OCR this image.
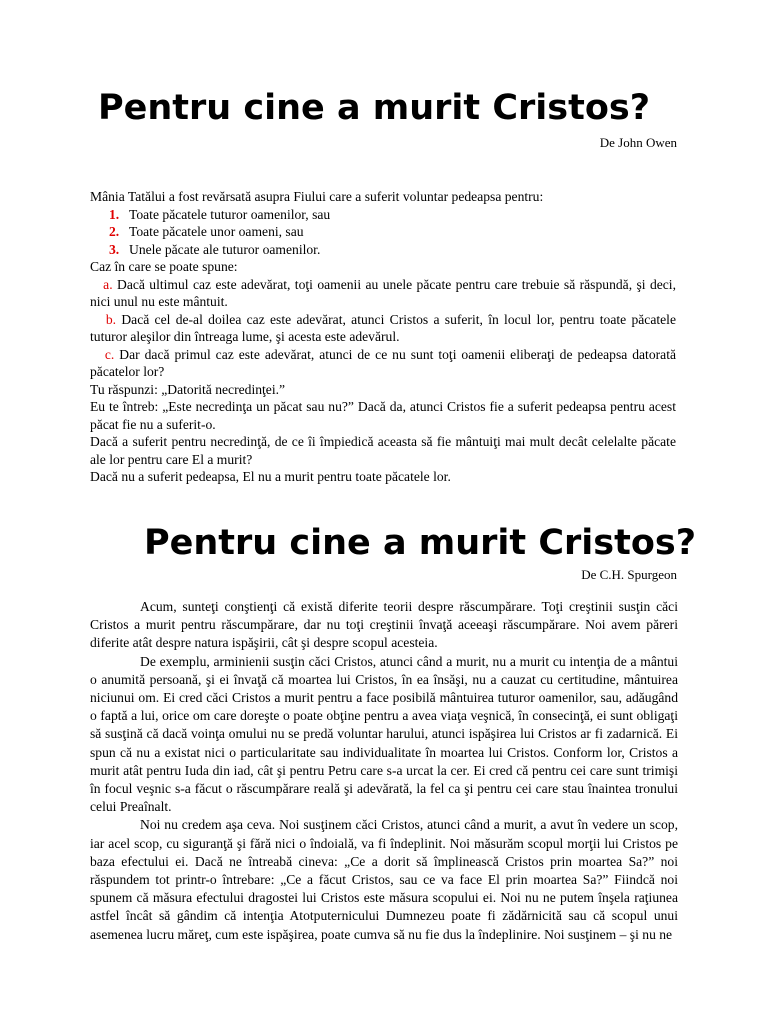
Pentru cine a murit Cristos?
De John Owen

Mânia Tatălui a fost revărsată asupra Fiului care a suferit voluntar pedeapsa pentru:

1. Toate păcatele tuturor oamenilor, sau
2. Toate păcatele unor oameni, sau
3. Unele păcate ale tuturor oamenilor.

Caz în care se poate spune:

a. Dacă ultimul caz este adevărat, toţi oamenii au unele păcate pentru care trebuie să răspundă, şi deci, nici unul nu este mântuit.
b. Dacă cel de-al doilea caz este adevărat, atunci Cristos a suferit, în locul lor, pentru toate păcatele tuturor aleşilor din întreaga lume, şi acesta este adevărul.
c. Dar dacă primul caz este adevărat, atunci de ce nu sunt toţi oamenii eliberaţi de pedeapsa datorată păcatelor lor?

Tu răspunzi: „Datorită necredinţei.”

Eu te întreb: „Este necredinţa un păcat sau nu?” Dacă da, atunci Cristos fie a suferit pedeapsa pentru acest păcat fie nu a suferit-o.

Dacă a suferit pentru necredinţă, de ce îi împiedică aceasta să fie mântuiţi mai mult decât celelalte păcate ale lor pentru care El a murit?

Dacă nu a suferit pedeapsa, El nu a murit pentru toate păcatele lor.

Pentru cine a murit Cristos?
De C.H. Spurgeon

Acum, sunteţi conştienţi că există diferite teorii despre răscumpărare. Toţi creştinii susţin căci Cristos a murit pentru răscumpărare, dar nu toţi creştinii învaţă aceeaşi răscumpărare. Noi avem păreri diferite atât despre natura ispăşirii, cât şi despre scopul acesteia.

De exemplu, arminienii susţin căci Cristos, atunci când a murit, nu a murit cu intenţia de a mântui o anumită persoană, şi ei învaţă că moartea lui Cristos, în ea însăşi, nu a cauzat cu certitudine, mântuirea niciunui om. Ei cred căci Cristos a murit pentru a face posibilă mântuirea tuturor oamenilor, sau, adăugând o faptă a lui, orice om care doreşte o poate obţine pentru a avea viaţa veşnică, în consecinţă, ei sunt obligaţi să susţină că dacă voinţa omului nu se predă voluntar harului, atunci ispăşirea lui Cristos ar fi zadarnică. Ei spun că nu a existat nici o particularitate sau individualitate în moartea lui Cristos. Conform lor, Cristos a murit atât pentru Iuda din iad, cât şi pentru Petru care s-a urcat la cer. Ei cred că pentru cei care sunt trimişi în focul veşnic s-a făcut o răscumpărare reală şi adevărată, la fel ca şi pentru cei care stau înaintea tronului celui Preaînalt.

Noi nu credem aşa ceva. Noi susţinem căci Cristos, atunci când a murit, a avut în vedere un scop, iar acel scop, cu siguranţă şi fără nici o îndoială, va fi îndeplinit. Noi măsurăm scopul morţii lui Cristos pe baza efectului ei. Dacă ne întreabă cineva: „Ce a dorit să împlinească Cristos prin moartea Sa?” noi răspundem tot printr-o întrebare: „Ce a făcut Cristos, sau ce va face El prin moartea Sa?” Fiindcă noi spunem că măsura efectului dragostei lui Cristos este măsura scopului ei. Noi nu ne putem înşela raţiunea astfel încât să gândim că intenţia Atotputernicului Dumnezeu poate fi zădărnicită sau că scopul unui asemenea lucru măreţ, cum este ispăşirea, poate cumva să nu fie dus la îndeplinire. Noi susţinem – şi nu ne
